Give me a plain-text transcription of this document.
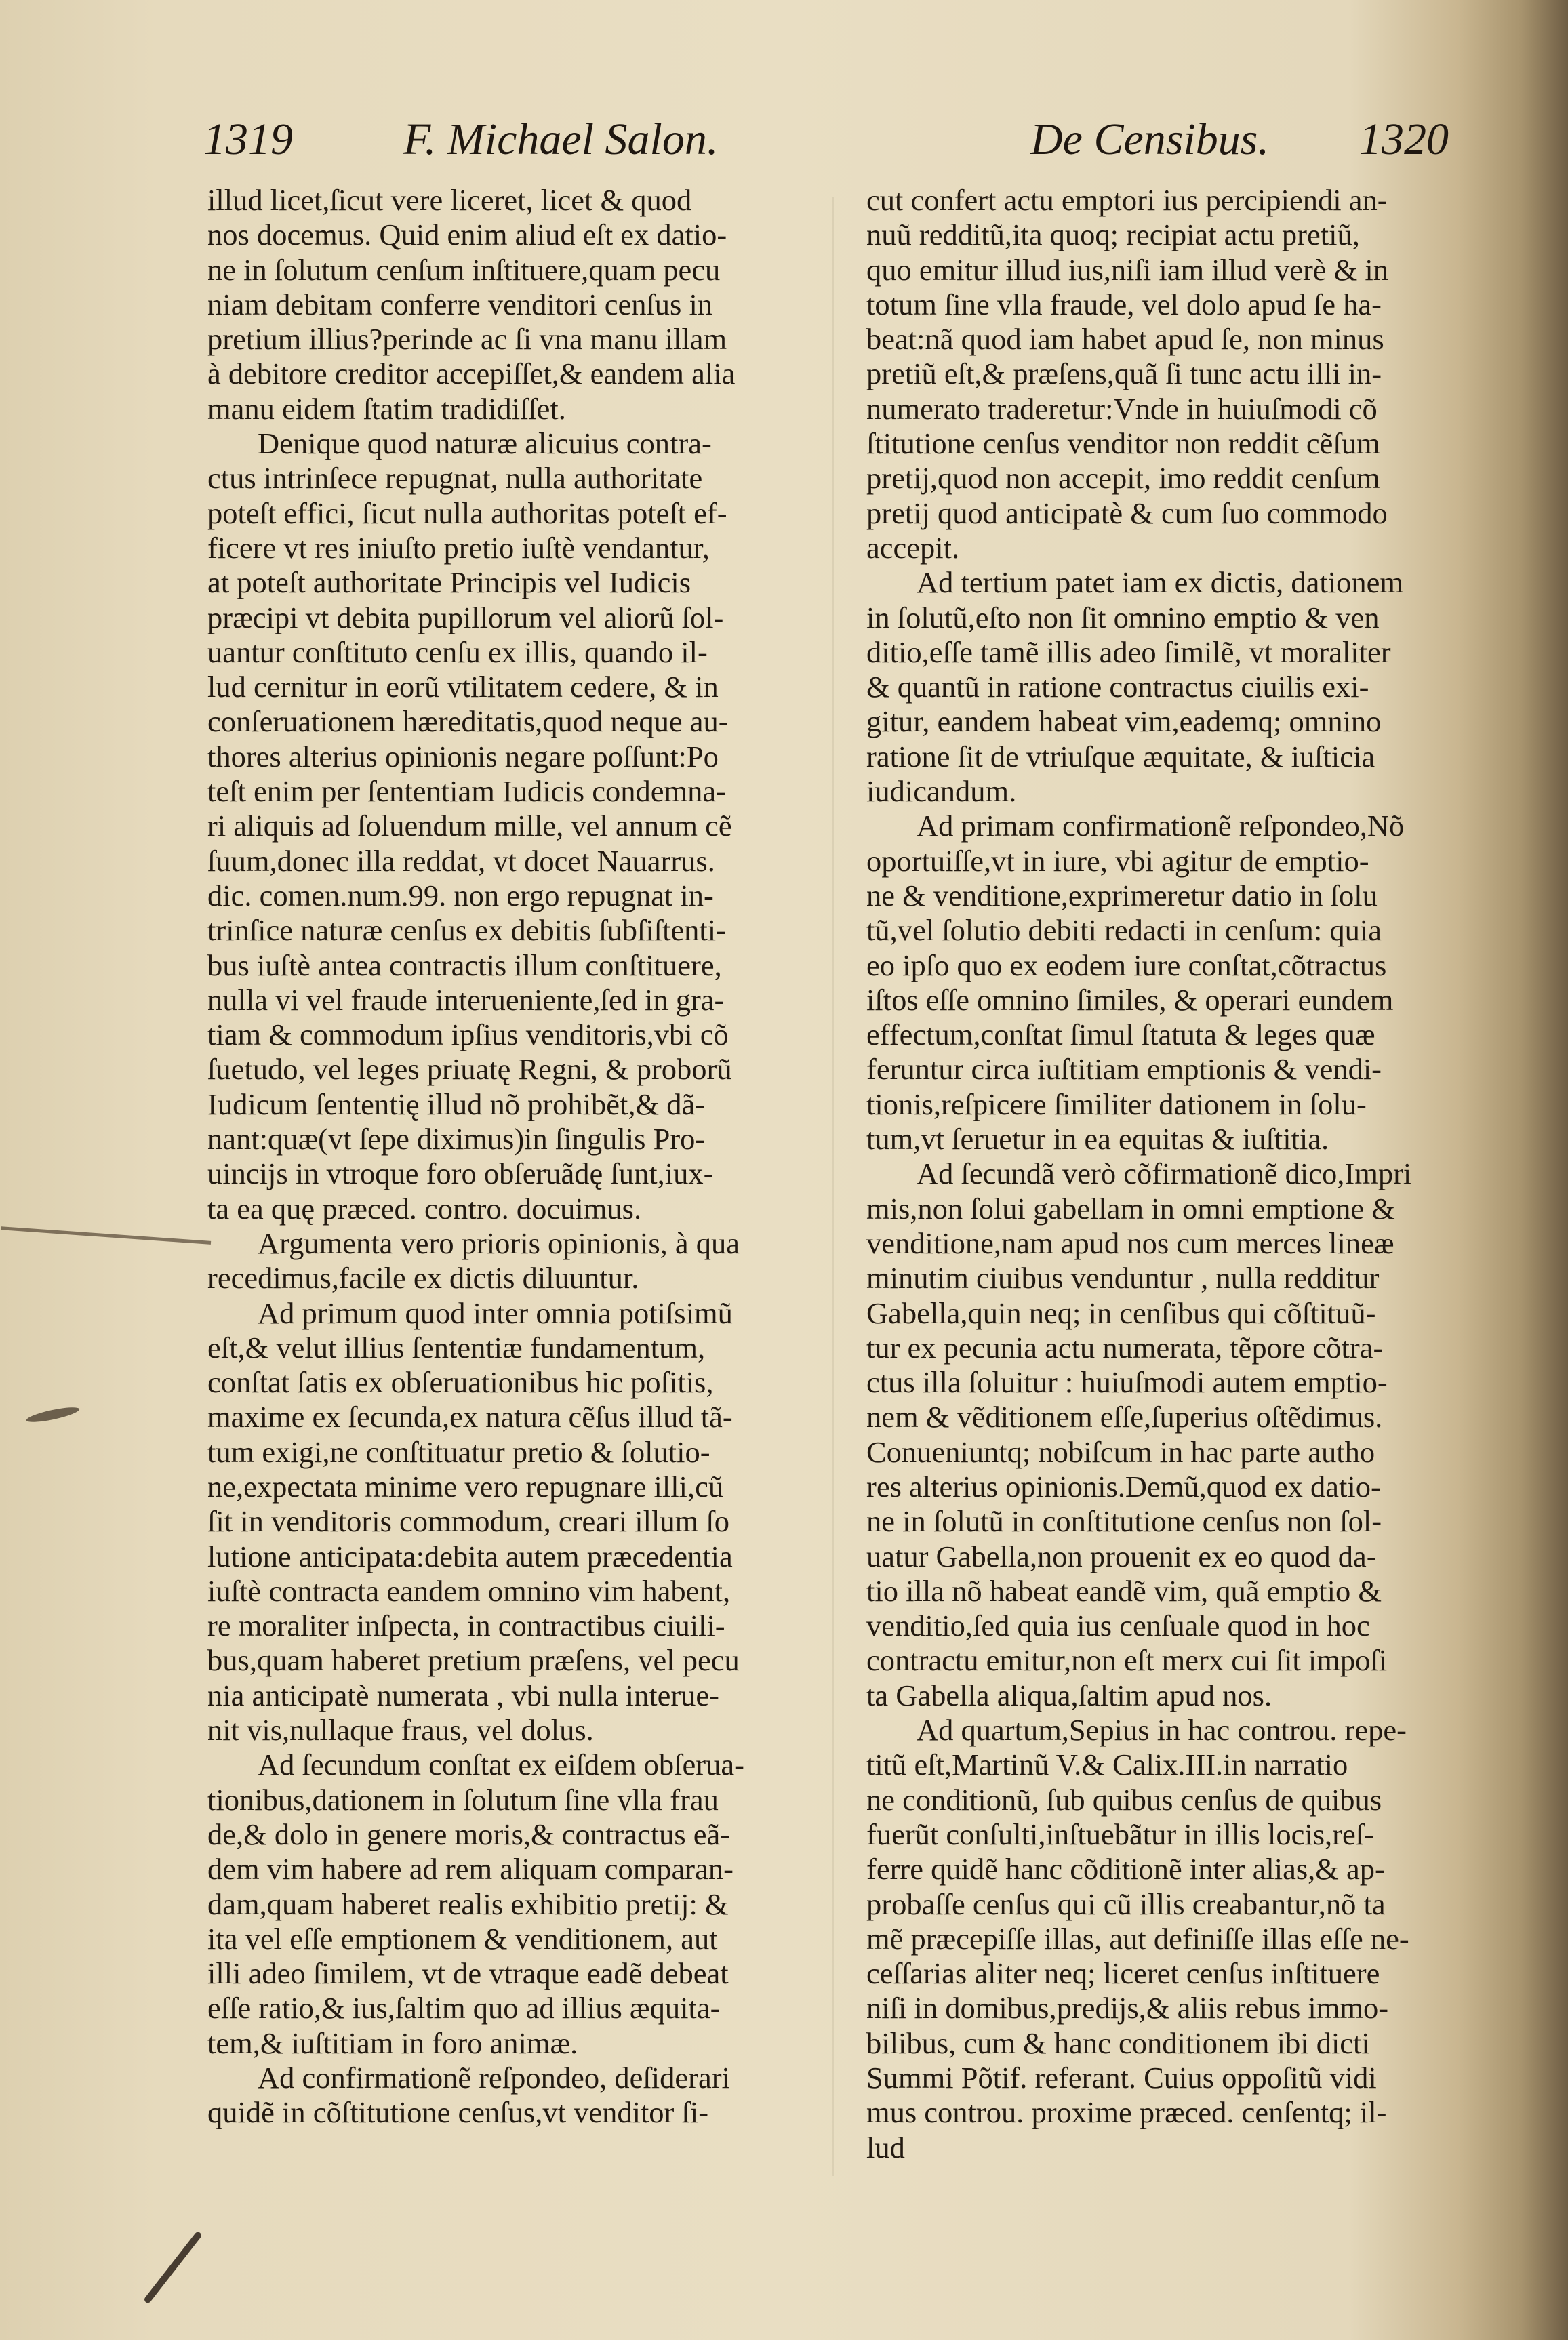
1319 F. Michael Salon.	De Censibus. 1320
illud licet,ſicut vere liceret, licet & quod
nos docemus. Quid enim aliud eſt ex datio-
ne in ſolutum cenſum inſtituere,quam pecu
niam debitam conferre venditori cenſus in
pretium illius?perinde ac ſi vna manu illam
à debitore creditor accepiſſet,& eandem alia
manu eidem ſtatim tradidiſſet.
Denique quod naturæ alicuius contra-
ctus intrinſece repugnat, nulla authoritate
poteſt effici, ſicut nulla authoritas poteſt ef-
ficere vt res iniuſto pretio iuſtè vendantur,
at poteſt authoritate Principis vel Iudicis
præcipi vt debita pupillorum vel aliorũ ſol-
uantur conſtituto cenſu ex illis, quando il-
lud cernitur in eorũ vtilitatem cedere, & in
conſeruationem hæreditatis,quod neque au-
thores alterius opinionis negare poſſunt:Po
teſt enim per ſententiam Iudicis condemna-
ri aliquis ad ſoluendum mille, vel annum cẽ
ſuum,donec illa reddat, vt docet Nauarrus.
dic. comen.num.99. non ergo repugnat in-
trinſice naturæ cenſus ex debitis ſubſiſtenti-
bus iuſtè antea contractis illum conſtituere,
nulla vi vel fraude interueniente,ſed in gra-
tiam & commodum ipſius venditoris,vbi cõ
ſuetudo, vel leges priuatę Regni, & proborũ
Iudicum ſententię illud nõ prohibẽt,& dã-
nant:quæ(vt ſepe diximus)in ſingulis Pro-
uincijs in vtroque foro obſeruãdę ſunt,iux-
ta ea quę præced. contro. docuimus.
Argumenta vero prioris opinionis, à qua
recedimus,facile ex dictis diluuntur.
Ad primum quod inter omnia potiſsimũ
eſt,& velut illius ſententiæ fundamentum,
conſtat ſatis ex obſeruationibus hic poſitis,
maxime ex ſecunda,ex natura cẽſus illud tã-
tum exigi,ne conſtituatur pretio & ſolutio-
ne,expectata minime vero repugnare illi,cũ
ſit in venditoris commodum, creari illum ſo
lutione anticipata:debita autem præcedentia
iuſtè contracta eandem omnino vim habent,
re moraliter inſpecta, in contractibus ciuili-
bus,quam haberet pretium præſens, vel pecu
nia anticipatè numerata , vbi nulla interue-
nit vis,nullaque fraus, vel dolus.
Ad ſecundum conſtat ex eiſdem obſerua-
tionibus,dationem in ſolutum ſine vlla frau
de,& dolo in genere moris,& contractus eã-
dem vim habere ad rem aliquam comparan-
dam,quam haberet realis exhibitio pretij: &
ita vel eſſe emptionem & venditionem, aut
illi adeo ſimilem, vt de vtraque eadẽ debeat
eſſe ratio,& ius,ſaltim quo ad illius æquita-
tem,& iuſtitiam in foro animæ.
Ad confirmationẽ reſpondeo, deſiderari
quidẽ in cõſtitutione cenſus,vt venditor ſi-
cut confert actu emptori ius percipiendi an-
nuũ redditũ,ita quoq; recipiat actu pretiũ,
quo emitur illud ius,niſi iam illud verè & in
totum ſine vlla fraude, vel dolo apud ſe ha-
beat:nã quod iam habet apud ſe, non minus
pretiũ eſt,& præſens,quã ſi tunc actu illi in-
numerato traderetur:Vnde in huiuſmodi cõ
ſtitutione cenſus venditor non reddit cẽſum
pretij,quod non accepit, imo reddit cenſum
pretij quod anticipatè & cum ſuo commodo
accepit.
Ad tertium patet iam ex dictis, dationem
in ſolutũ,eſto non ſit omnino emptio & ven
ditio,eſſe tamẽ illis adeo ſimilẽ, vt moraliter
& quantũ in ratione contractus ciuilis exi-
gitur, eandem habeat vim,eademq; omnino
ratione ſit de vtriuſque æquitate, & iuſticia
iudicandum.
Ad primam confirmationẽ reſpondeo,Nõ
oportuiſſe,vt in iure, vbi agitur de emptio-
ne & venditione,exprimeretur datio in ſolu
tũ,vel ſolutio debiti redacti in cenſum: quia
eo ipſo quo ex eodem iure conſtat,cõtractus
iſtos eſſe omnino ſimiles, & operari eundem
effectum,conſtat ſimul ſtatuta & leges quæ
feruntur circa iuſtitiam emptionis & vendi-
tionis,reſpicere ſimiliter dationem in ſolu-
tum,vt ſeruetur in ea equitas & iuſtitia.
Ad ſecundã verò cõfirmationẽ dico,Impri
mis,non ſolui gabellam in omni emptione &
venditione,nam apud nos cum merces lineæ
minutim ciuibus venduntur , nulla redditur
Gabella,quin neq; in cenſibus qui cõſtituũ-
tur ex pecunia actu numerata, tẽpore cõtra-
ctus illa ſoluitur : huiuſmodi autem emptio-
nem & vẽditionem eſſe,ſuperius oſtẽdimus.
Conueniuntq; nobiſcum in hac parte autho
res alterius opinionis.Demũ,quod ex datio-
ne in ſolutũ in conſtitutione cenſus non ſol-
uatur Gabella,non prouenit ex eo quod da-
tio illa nõ habeat eandẽ vim, quã emptio &
venditio,ſed quia ius cenſuale quod in hoc
contractu emitur,non eſt merx cui ſit impoſi
ta Gabella aliqua,ſaltim apud nos.
Ad quartum,Sepius in hac controu. repe-
titũ eſt,Martinũ V.& Calix.III.in narratio
ne conditionũ, ſub quibus cenſus de quibus
fuerũt conſulti,inſtuebãtur in illis locis,reſ-
ferre quidẽ hanc cõditionẽ inter alias,& ap-
probaſſe cenſus qui cũ illis creabantur,nõ ta
mẽ præcepiſſe illas, aut definiſſe illas eſſe ne-
ceſſarias aliter neq; liceret cenſus inſtituere
niſi in domibus,predijs,& aliis rebus immo-
bilibus, cum & hanc conditionem ibi dicti
Summi Põtif. referant. Cuius oppoſitũ vidi
mus controu. proxime præced. cenſentq; il-
lud
